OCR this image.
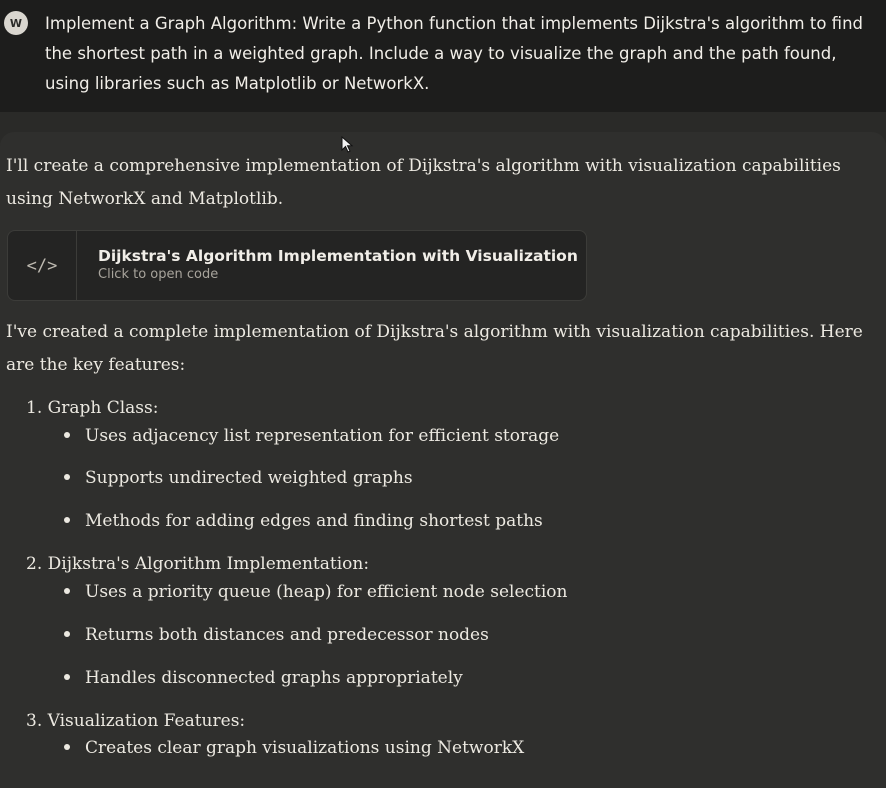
W	Implement a Graph Algorithm: Write a Python function that implements Dijkstra's algorithm to find the shortest path in a weighted graph. Include a way to visualize the graph and the path found, using libraries such as Matplotlib or NetworkX.

I'll create a comprehensive implementation of Dijkstra's algorithm with visualization capabilities using NetworkX and Matplotlib.

</>	Dijkstra's Algorithm Implementation with Visualization
Click to open code

I've created a complete implementation of Dijkstra's algorithm with visualization capabilities. Here are the key features:

1. Graph Class:

Uses adjacency list representation for efficient storage

Supports undirected weighted graphs

Methods for adding edges and finding shortest paths

2. Dijkstra's Algorithm Implementation:

Uses a priority queue (heap) for efficient node selection

Returns both distances and predecessor nodes

Handles disconnected graphs appropriately

3. Visualization Features:

Creates clear graph visualizations using NetworkX
